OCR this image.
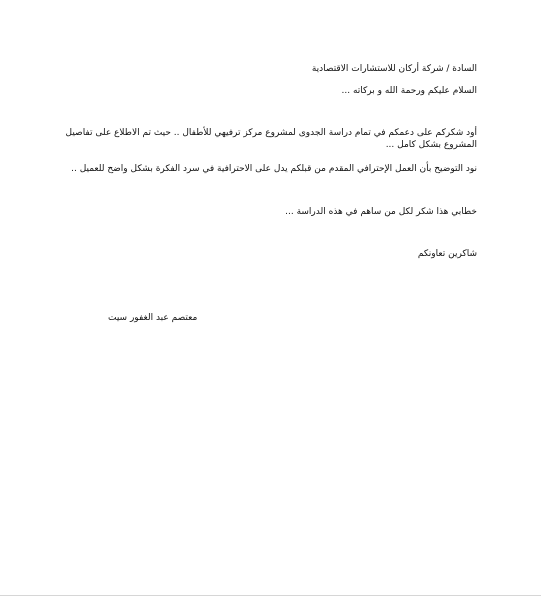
السادة / شركة أركان للاستشارات الاقتصادية
السلام عليكم ورحمة الله و بركاته ...
أود شكركم على دعمكم في تمام دراسة الجدوى لمشروع مركز ترفيهي للأطفال .. حيث تم الاطلاع على تفاصيل المشروع بشكل كامل ...
نود التوضيح بأن العمل الإحترافي المقدم من قبلكم يدل على الاحترافية في سرد الفكرة بشكل واضح للعميل ..
خطابي هذا شكر لكل من ساهم في هذه الدراسة ...
شاكرين تعاونكم
معتصم عبد الغفور سيت
